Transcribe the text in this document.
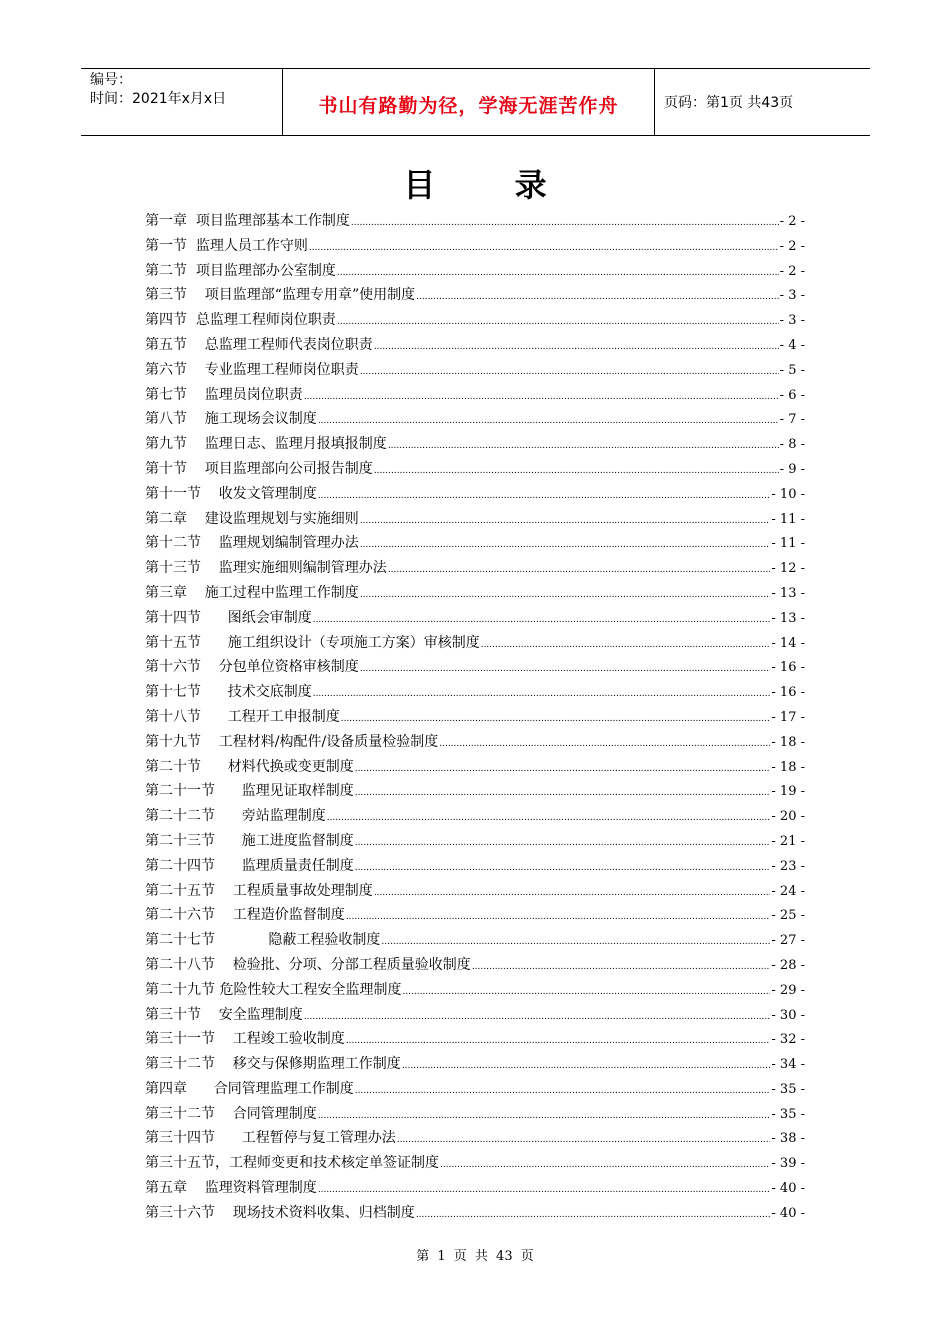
编号：
时间：2021年x月x日	书山有路勤为径，学海无涯苦作舟	页码：第1页 共43页
目 录
第一章  项目监理部基本工作制度 .....	- 2 -
第一节  监理人员工作守则 .....	- 2 -
第二节  项目监理部办公室制度 .....	- 2 -
第三节    项目监理部“监理专用章”使用制度 .....	- 3 -
第四节  总监理工程师岗位职责 .....	- 3 -
第五节    总监理工程师代表岗位职责 .....	- 4 -
第六节    专业监理工程师岗位职责 .....	- 5 -
第七节    监理员岗位职责 .....	- 6 -
第八节    施工现场会议制度 .....	- 7 -
第九节    监理日志、监理月报填报制度 .....	- 8 -
第十节    项目监理部向公司报告制度 .....	- 9 -
第十一节    收发文管理制度 .....	- 10 -
第二章    建设监理规划与实施细则 .....	- 11 -
第十二节    监理规划编制管理办法 .....	- 11 -
第十三节    监理实施细则编制管理办法 .....	- 12 -
第三章    施工过程中监理工作制度 .....	- 13 -
第十四节      图纸会审制度 .....	- 13 -
第十五节      施工组织设计（专项施工方案）审核制度 .....	- 14 -
第十六节    分包单位资格审核制度 .....	- 16 -
第十七节      技术交底制度 .....	- 16 -
第十八节      工程开工申报制度 .....	- 17 -
第十九节    工程材料/构配件/设备质量检验制度 .....	- 18 -
第二十节      材料代换或变更制度 .....	- 18 -
第二十一节      监理见证取样制度 .....	- 19 -
第二十二节      旁站监理制度 .....	- 20 -
第二十三节      施工进度监督制度 .....	- 21 -
第二十四节      监理质量责任制度 .....	- 23 -
第二十五节    工程质量事故处理制度 .....	- 24 -
第二十六节    工程造价监督制度 .....	- 25 -
第二十七节            隐蔽工程验收制度 .....	- 27 -
第二十八节    检验批、分项、分部工程质量验收制度 .....	- 28 -
第二十九节 危险性较大工程安全监理制度 .....	- 29 -
第三十节    安全监理制度 .....	- 30 -
第三十一节    工程竣工验收制度 .....	- 32 -
第三十二节    移交与保修期监理工作制度 .....	- 34 -
第四章      合同管理监理工作制度 .....	- 35 -
第三十二节    合同管理制度 .....	- 35 -
第三十四节      工程暂停与复工管理办法 .....	- 38 -
第三十五节，工程师变更和技术核定单签证制度 .....	- 39 -
第五章    监理资料管理制度 .....	- 40 -
第三十六节    现场技术资料收集、归档制度 .....	- 40 -
第 1 页 共 43 页
